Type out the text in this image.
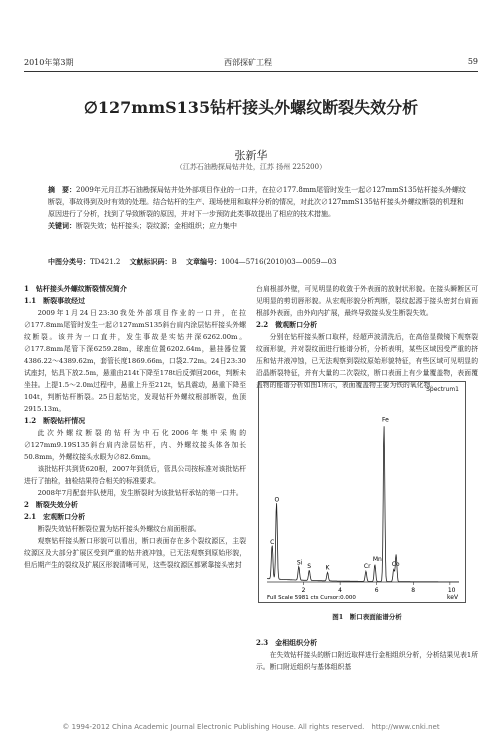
2010年第3期	西部探矿工程	59
∅127mmS135钻杆接头外螺纹断裂失效分析
张新华
（江苏石油勘探局钻井处，江苏 扬州 225200）

摘　要：2009年元月江苏石油勘探局钻井处外部项目作业的一口井，在拉∅177.8mm尾管时发生一起∅127mmS135钻杆接头外螺纹断裂，事故得到及时有效的处理。结合钻杆的生产、现场使用和取样分析的情况，对此次∅127mmS135钻杆接头外螺纹断裂的机理和原因进行了分析，找到了导致断裂的原因，并对下一步预防此类事故提出了相应的技术措施。

关键词：断裂失效；钻杆接头；裂纹源；金相组织；应力集中

中图分类号：TD421.2　 文献标识码：B　 文章编号：1004—5716(2010)03—0059—03
1　钻杆接头外螺纹断裂情况简介
1.1　断裂事故经过

2009年1月24日23:30我处外部项目作业的一口井，在拉∅177.8mm尾管时发生一起∅127mmS135斜台肩内涂层钻杆接头外螺纹断裂。该井为一口直井，发生事故是实钻井深6262.00m。∅177.8mm尾管下深6259.28m，球座位置6202.64m，悬挂器位置4386.22～4389.62m，套管长度1869.66m，口袋2.72m。24日23:30试座封，钻具下放2.5m，悬重由214t下降至178t后反弹回206t，判断未坐挂。上提1.5～2.0m过程中，悬重上升至212t，钻具震动，悬重下降至104t，判断钻杆断裂。25日起钻完，发现钻杆外螺纹根部断裂，鱼顶2915.13m。

1.2　断裂钻杆情况

此次外螺纹断裂的钻杆为中石化2006年集中采购的∅127mm9.19S135斜台肩内涂层钻杆，内、外螺纹接头体各加长50.8mm，外螺纹接头水眼为∅82.6mm。

该批钻杆共到货620根，2007年到货后，管具公司按标准对该批钻杆进行了抽检，抽检结果符合相关的标准要求。

2008年7月配套井队使用，发生断裂时为该批钻杆承钻的第一口井。

2　断裂失效分析
2.1　宏观断口分析

断裂失效钻杆断裂位置为钻杆接头外螺纹台肩面根部。

观察钻杆接头断口形貌可以看出，断口表面存在多个裂纹源区，主裂纹源区及大部分扩展区受到严重的钻井液冲蚀，已无法观察到原始形貌，但后期产生的裂纹及扩展区形貌清晰可见，这些裂纹源区都紧靠接头密封

台肩根部外壁，可见明显的收敛于外表面的放射状形貌。在接头瞬断区可见明显的剪切唇形貌。从宏观形貌分析判断，裂纹起源于接头密封台肩面根部外表面，由外向内扩展，最终导致接头发生断裂失效。

2.2　微观断口分析

分别在钻杆接头断口取样，经超声波清洗后，在高倍显微镜下观察裂纹面形貌，并对裂纹面进行能谱分析，分析表明，某些区域因受严重的挤压和钻井液冲蚀，已无法观察到裂纹原始形貌特征，有些区域可见明显的沿晶断裂特征，并有大量的二次裂纹，断口表面上有少量覆盖物，表面覆盖物的能谱分析如图1所示，表面覆盖物主要为铁的氧化物。

Spectrum1
O
C
Si S K	Co
Cr
Mn
Fe
2	4	6	8	10
Full Scale 5981 cts Cursor:0.000	keV
图1　断口表面能谱分析
2.3　金相组织分析

在失效钻杆接头的断口附近取样进行金相组织分析，分析结果见表1所示。断口附近组织与基体组织基

© 1994-2012 China Academic Journal Electronic Publishing House. All rights reserved.　http://www.cnki.net
